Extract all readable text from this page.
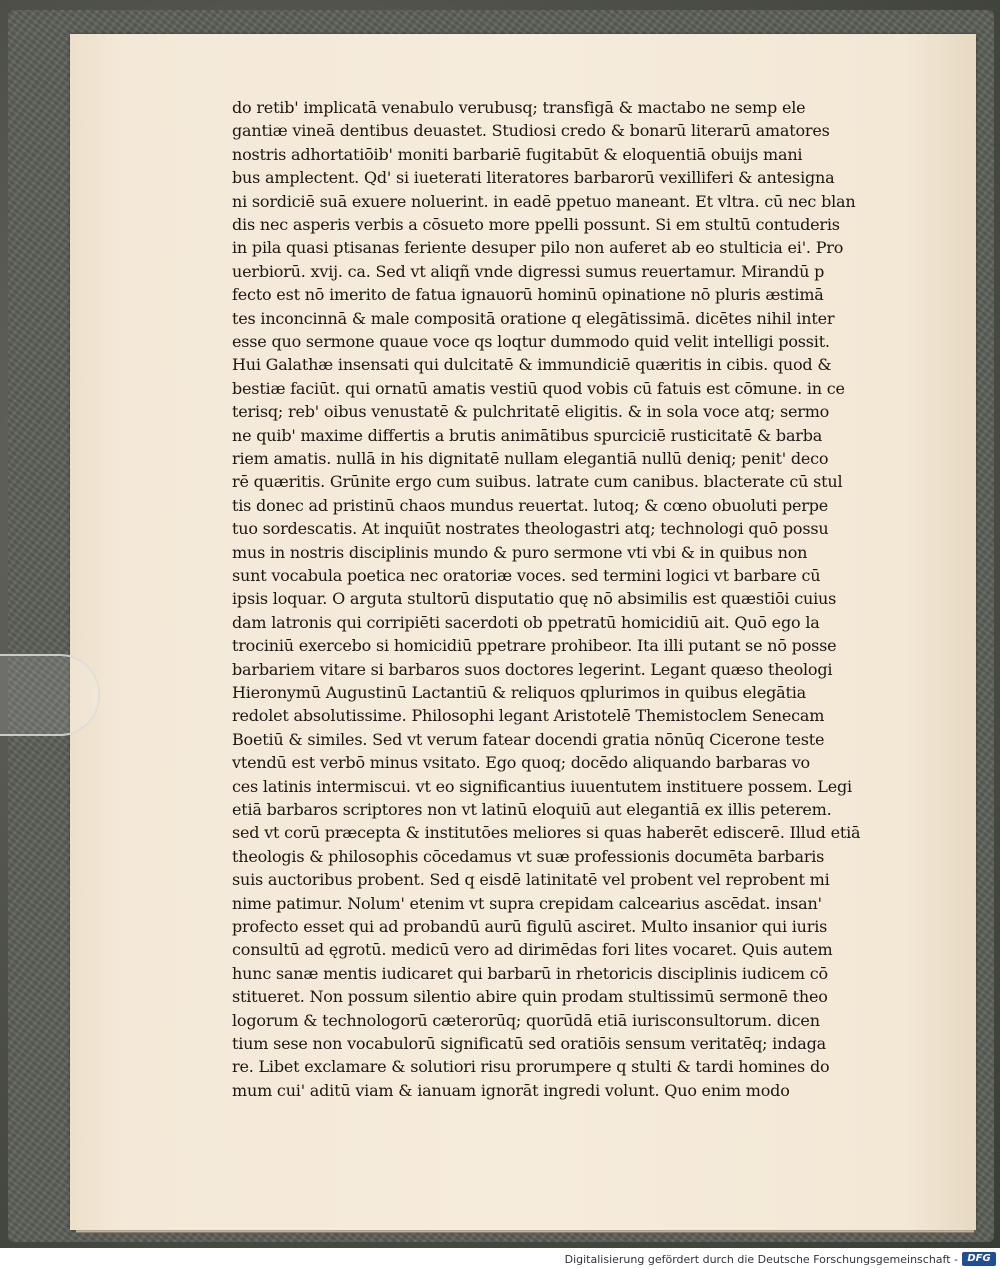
do retib' implicatā venabulo verubusq; transfigā & mactabo ne semp ele
gantiæ vineā dentibus deuastet. Studiosi credo & bonarū literarū amatores
nostris adhortatiōib' moniti barbariē fugitabūt & eloquentiā obuijs mani
bus amplectent. Qd' si iueterati literatores barbarorū vexilliferi & antesigna
ni sordiciē suā exuere noluerint. in eadē ppetuo maneant. Et vltra. cū nec blan
dis nec asperis verbis a cōsueto more ppelli possunt. Si em stultū contuderis
in pila quasi ptisanas feriente desuper pilo non auferet ab eo stulticia ei'. Pro
uerbiorū. xvij. ca. Sed vt aliqñ vnde digressi sumus reuertamur. Mirandū p
fecto est nō imerito de fatua ignauorū hominū opinatione nō pluris æstimā
tes inconcinnā & male compositā oratione q elegātissimā. dicētes nihil inter
esse quo sermone quaue voce qs loqtur dummodo quid velit intelligi possit.
Hui Galathæ insensati qui dulcitatē & immundiciē quæritis in cibis. quod &
bestiæ faciūt. qui ornatū amatis vestiū quod vobis cū fatuis est cōmune. in ce
terisq; reb' oibus venustatē & pulchritatē eligitis. & in sola voce atq; sermo
ne quib' maxime differtis a brutis animātibus spurciciē rusticitatē & barba
riem amatis. nullā in his dignitatē nullam elegantiā nullū deniq; penit' deco
rē quæritis. Grūnite ergo cum suibus. latrate cum canibus. blacterate cū stul
tis donec ad pristinū chaos mundus reuertat. lutoq; & cœno obuoluti perpe
tuo sordescatis. At inquiūt nostrates theologastri atq; technologi quō possu
mus in nostris disciplinis mundo & puro sermone vti vbi & in quibus non
sunt vocabula poetica nec oratoriæ voces. sed termini logici vt barbare cū
ipsis loquar. O arguta stultorū disputatio quę nō absimilis est quæstiōi cuius
dam latronis qui corripiēti sacerdoti ob ppetratū homicidiū ait. Quō ego la
trociniū exercebo si homicidiū ppetrare prohibeor. Ita illi putant se nō posse
barbariem vitare si barbaros suos doctores legerint. Legant quæso theologi
Hieronymū Augustinū Lactantiū & reliquos qplurimos in quibus elegātia
redolet absolutissime. Philosophi legant Aristotelē Themistoclem Senecam
Boetiū & similes. Sed vt verum fatear docendi gratia nōnūq Cicerone teste
vtendū est verbō minus vsitato. Ego quoq; docēdo aliquando barbaras vo
ces latinis intermiscui. vt eo significantius iuuentutem instituere possem. Legi
etiā barbaros scriptores non vt latinū eloquiū aut elegantiā ex illis peterem.
sed vt corū præcepta & institutōes meliores si quas haberēt ediscerē. Illud etiā
theologis & philosophis cōcedamus vt suæ professionis documēta barbaris
suis auctoribus probent. Sed q eisdē latinitatē vel probent vel reprobent mi
nime patimur. Nolum' etenim vt supra crepidam calcearius ascēdat. insan'
profecto esset qui ad probandū aurū figulū asciret. Multo insanior qui iuris
consultū ad ęgrotū. medicū vero ad dirimēdas fori lites vocaret. Quis autem
hunc sanæ mentis iudicaret qui barbarū in rhetoricis disciplinis iudicem cō
stitueret. Non possum silentio abire quin prodam stultissimū sermonē theo
logorum & technologorū cæterorūq; quorūdā etiā iurisconsultorum. dicen
tium sese non vocabulorū significatū sed oratiōis sensum veritatēq; indaga
re. Libet exclamare & solutiori risu prorumpere q stulti & tardi homines do
mum cui' aditū viam & ianuam ignorāt ingredi volunt. Quo enim modo
Digitalisierung gefördert durch die Deutsche Forschungsgemeinschaft - DFG
